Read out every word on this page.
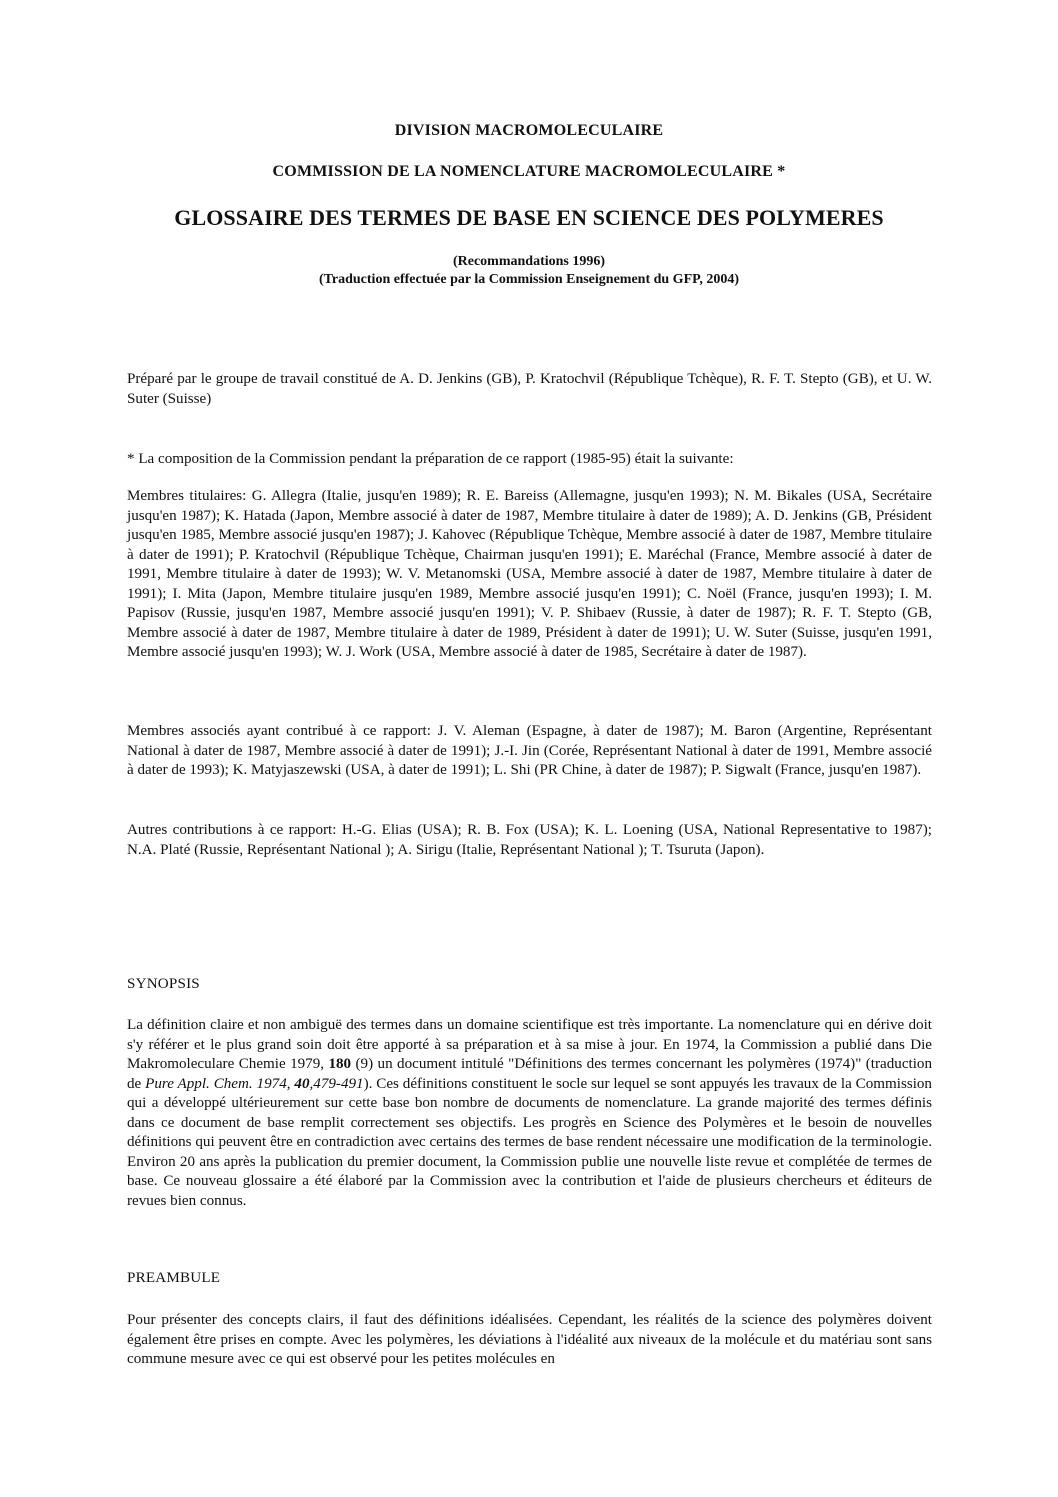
DIVISION MACROMOLECULAIRE
COMMISSION DE LA NOMENCLATURE MACROMOLECULAIRE *
GLOSSAIRE DES TERMES DE BASE EN SCIENCE DES POLYMERES
(Recommandations 1996)
(Traduction effectuée par la Commission Enseignement du GFP, 2004)

Préparé par le groupe de travail constitué de A. D. Jenkins (GB), P. Kratochvil (République Tchèque), R. F. T. Stepto (GB), et U. W. Suter (Suisse)

* La composition de la Commission pendant la préparation de ce rapport (1985-95) était la suivante:

Membres titulaires: G. Allegra (Italie, jusqu'en 1989); R. E. Bareiss (Allemagne, jusqu'en 1993); N. M. Bikales (USA, Secrétaire jusqu'en 1987); K. Hatada (Japon, Membre associé à dater de 1987, Membre titulaire à dater de 1989); A. D. Jenkins (GB, Président jusqu'en 1985, Membre associé jusqu'en 1987); J. Kahovec (République Tchèque, Membre associé à dater de 1987, Membre titulaire à dater de 1991); P. Kratochvil (République Tchèque, Chairman jusqu'en 1991); E. Maréchal (France, Membre associé à dater de 1991, Membre titulaire à dater de 1993); W. V. Metanomski (USA, Membre associé à dater de 1987, Membre titulaire à dater de 1991); I. Mita (Japon, Membre titulaire jusqu'en 1989, Membre associé jusqu'en 1991); C. Noël (France, jusqu'en 1993); I. M. Papisov (Russie, jusqu'en 1987, Membre associé jusqu'en 1991); V. P. Shibaev (Russie, à dater de 1987); R. F. T. Stepto (GB, Membre associé à dater de 1987, Membre titulaire à dater de 1989, Président à dater de 1991); U. W. Suter (Suisse, jusqu'en 1991, Membre associé jusqu'en 1993); W. J. Work (USA, Membre associé à dater de 1985, Secrétaire à dater de 1987).

Membres associés ayant contribué à ce rapport: J. V. Aleman (Espagne, à dater de 1987); M. Baron (Argentine, Représentant National à dater de 1987, Membre associé à dater de 1991); J.-I. Jin (Corée, Représentant National à dater de 1991, Membre associé à dater de 1993); K. Matyjaszewski (USA, à dater de 1991); L. Shi (PR Chine, à dater de 1987); P. Sigwalt (France, jusqu'en 1987).

Autres contributions à ce rapport: H.-G. Elias (USA); R. B. Fox (USA); K. L. Loening (USA, National Representative to 1987); N.A. Platé (Russie, Représentant National ); A. Sirigu (Italie, Représentant National ); T. Tsuruta (Japon).

SYNOPSIS

La définition claire et non ambiguë des termes dans un domaine scientifique est très importante. La nomenclature qui en dérive doit s'y référer et le plus grand soin doit être apporté à sa préparation et à sa mise à jour. En 1974, la Commission a publié dans Die Makromoleculare Chemie 1979, 180 (9) un document intitulé "Définitions des termes concernant les polymères (1974)" (traduction de Pure Appl. Chem. 1974, 40,479-491). Ces définitions constituent le socle sur lequel se sont appuyés les travaux de la Commission qui a développé ultérieurement sur cette base bon nombre de documents de nomenclature. La grande majorité des termes définis dans ce document de base remplit correctement ses objectifs. Les progrès en Science des Polymères et le besoin de nouvelles définitions qui peuvent être en contradiction avec certains des termes de base rendent nécessaire une modification de la terminologie. Environ 20 ans après la publication du premier document, la Commission publie une nouvelle liste revue et complétée de termes de base. Ce nouveau glossaire a été élaboré par la Commission avec la contribution et l'aide de plusieurs chercheurs et éditeurs de revues bien connus.

PREAMBULE

Pour présenter des concepts clairs, il faut des définitions idéalisées. Cependant, les réalités de la science des polymères doivent également être prises en compte. Avec les polymères, les déviations à l'idéalité aux niveaux de la molécule et du matériau sont sans commune mesure avec ce qui est observé pour les petites molécules en
